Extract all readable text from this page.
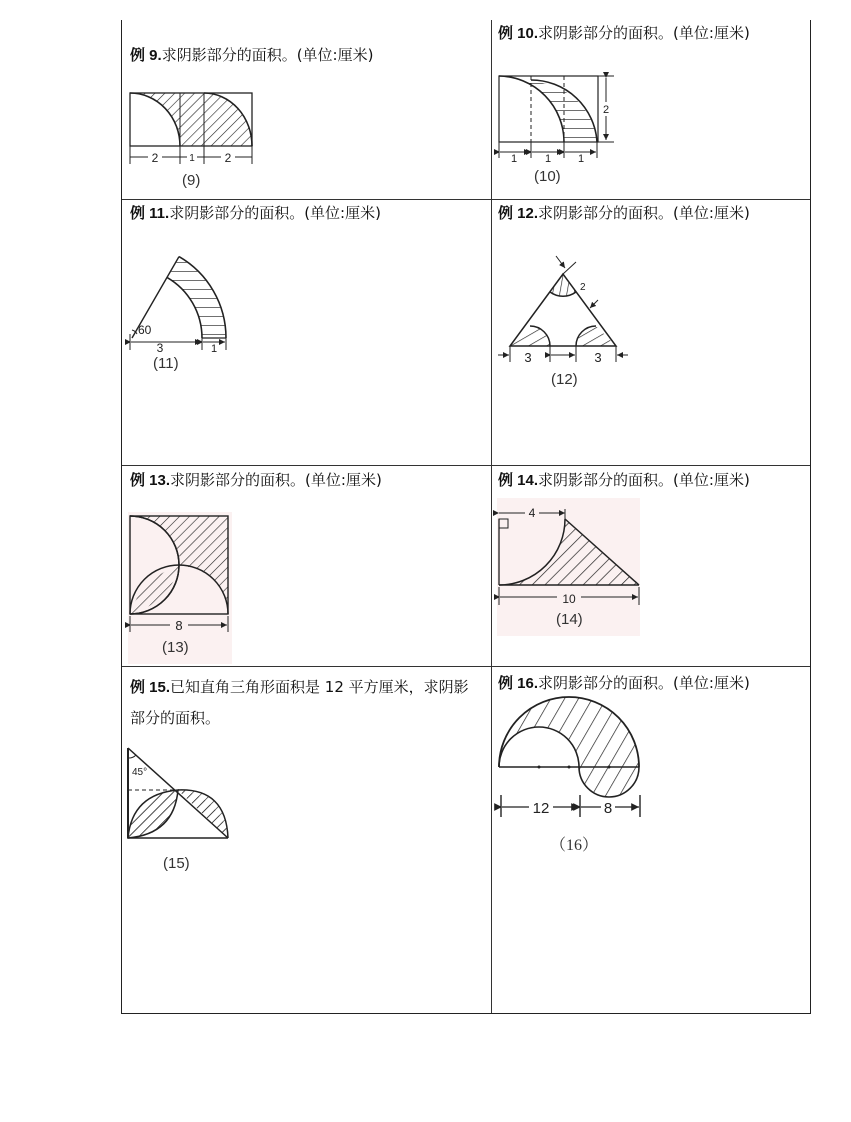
例 9.求阴影部分的面积。(单位:厘米)
2	1 2
(9)
例 10.求阴影部分的面积。(单位:厘米)
2
1	1 1
(10)
例 11.求阴影部分的面积。(单位:厘米)
60
3	1
(11)
例 12.求阴影部分的面积。(单位:厘米)
2
3	3
(12)
例 13.求阴影部分的面积。(单位:厘米)
8
(13)
例 14.求阴影部分的面积。(单位:厘米)
4
10
(14)
例 15.已知直角三角形面积是 12 平方厘米，求阴影部分的面积。
45°
(15)
例 16.求阴影部分的面积。(单位:厘米)
12	8
（16）
